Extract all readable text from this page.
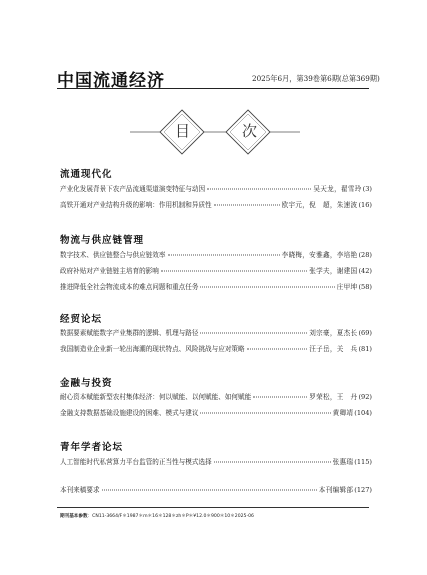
中国流通经济	2025年6月，第39卷第6期(总第369期)
目	次
流通现代化
产业化发展背景下农产品流通渠道演变特征与动因	吴天龙，翟雪玲 (3)
高铁开通对产业结构升级的影响：作用机制和异质性	欧宇元，倪　超，朱速波 (16)
物流与供应链管理
数字技术、供应链整合与供应链效率	李晓梅，安雅鑫，李培艳 (28)
政府补贴对产业链链主培育的影响	张学夫，谢建国 (42)
推进降低全社会物流成本的难点问题和重点任务	庄甲坤 (58)
经贸论坛
数据要素赋能数字产业集群的逻辑、机理与路径	刘宗豪，夏杰长 (69)
我国制造业企业新一轮出海潮的现状特点、风险挑战与应对策略	汪子岳，关　兵 (81)
金融与投资
耐心资本赋能新型农村集体经济：何以赋能、以何赋能、如何赋能	罗荣松，王　丹 (92)
金融支持数据基础设施建设的困难、模式与建议	黄卿靖 (104)
青年学者论坛
人工智能时代私营算力平台监管的正当性与模式选择	张惠瑞 (115)
本刊来稿要求	本刊编辑部 (127)
期刊基本参数：CN11-3664/F＊1987＊m＊16＊128＊zh＊P＊¥12.0＊900＊10＊2025-06
